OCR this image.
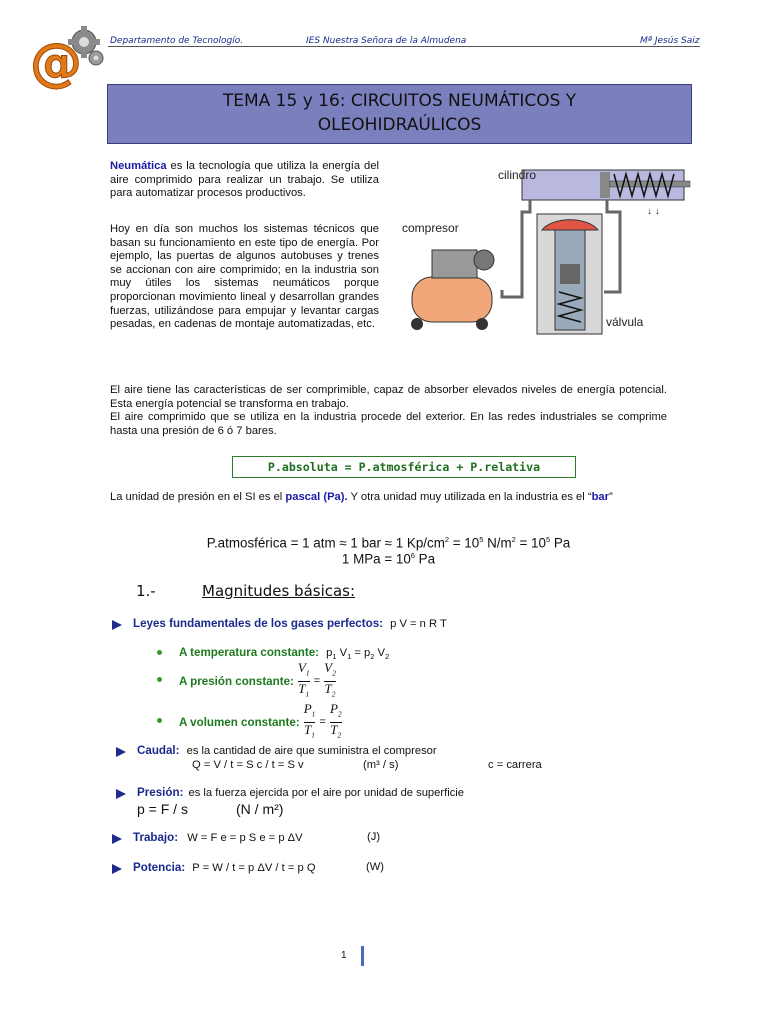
@	Departamento de Tecnologío.	IES Nuestra Señora de la Almudena	Mª Jesús Saiz
TEMA 15 y 16: CIRCUITOS NEUMÁTICOS Y
OLEOHIDRAÚLICOS
Neumática es la tecnología que utiliza la energía del aire comprimido para realizar un trabajo. Se utiliza para automatizar procesos productivos.
Hoy en día son muchos los sistemas técnicos que basan su funcionamiento en este tipo de energía. Por ejemplo, las puertas de algunos autobuses y trenes se accionan con aire comprimido; en la industria son muy útiles los sistemas neumáticos porque proporcionan movimiento lineal y desarrollan grandes fuerzas, utilizándose para empujar y levantar cargas pesadas, en cadenas de montaje automatizadas, etc.
↓ ↓
cilindro
compresor
válvula
El aire tiene las características de ser comprimible, capaz de absorber elevados niveles de energía potencial. Esta energía potencial se transforma en trabajo.
El aire comprimido que se utiliza en la industria procede del exterior. En las redes industriales se comprime hasta una presión de 6 ó 7 bares.
P.absoluta = P.atmosférica + P.relativa
La unidad de presión en el SI es el pascal (Pa). Y otra unidad muy utilizada en la industria es el “bar”
P.atmosférica = 1 atm ≈ 1 bar ≈ 1 $Kp/cm^2 = 10^5$ $N/m^2 = 10^5$ Pa
1 MPa = $10^6$ Pa
1.-	Magnitudes básicas:
Leyes fundamentales de los gases perfectos: p V = n R T
A temperatura constante: $p_1$ $V_1 = p_2$ $V_2$
A presión constante: $\frac{V_1}{T_1} = \frac{V_2}{T_2}$
A volumen constante: $\frac{P_1}{T_1} = \frac{P_2}{T_2}$
Caudal: es la cantidad de aire que suministra el compresor
Q = V / t = S c / t = S v	(m³ / s)	c = carrera
Presión: es la fuerza ejercida por el aire por unidad de superficie
p = F / s	(N / m²)
Trabajo: W = F e = p S e = p ΔV	(J)
Potencia: P = W / t = p ΔV / t = p Q	(W)
1
